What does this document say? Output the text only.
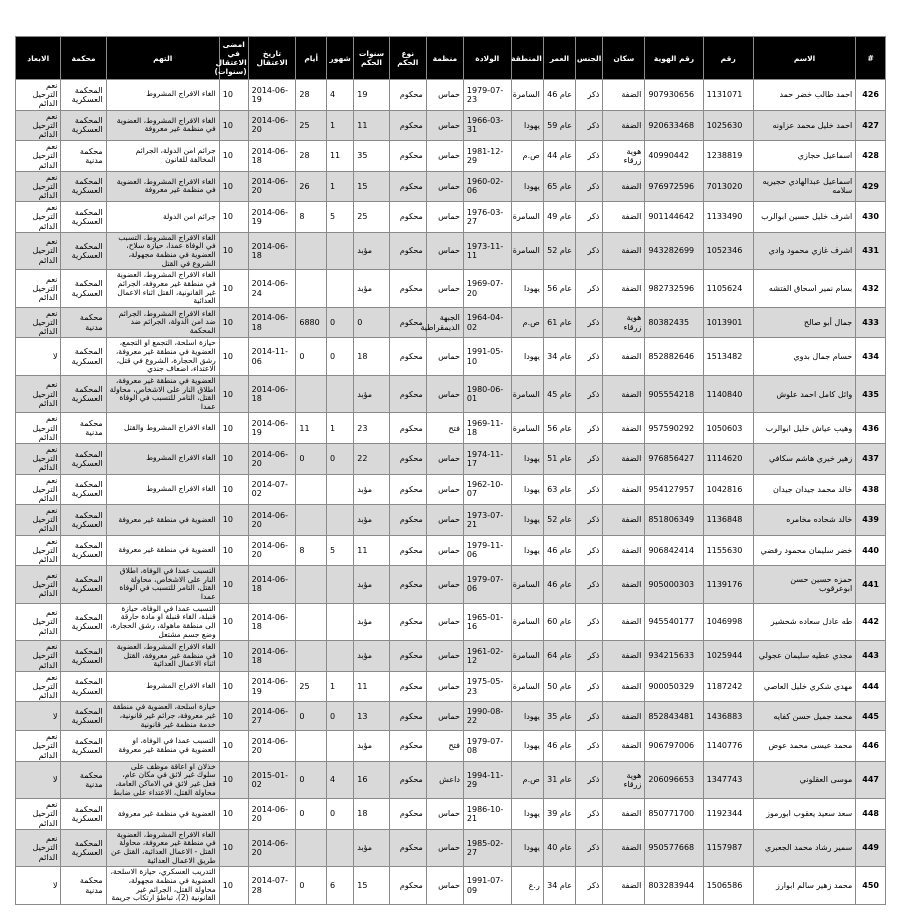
#	الاسم	رقم	رقم الهوية	سكان	الجنس	العمر	المنطقة	الولادة	منظمة	نوع الحكم	سنوات الحكم	شهور	أيام	تاريخ الاعتقال	امضى في الاعتقال (سنوات)	التهم	محكمة	الابعاد
426	احمد طالب خضر حمد	1131071	907930656	الضفة	ذكر	عام 46	السامرة	1979-07-23	حماس	محكوم	19	4	28	2014-06-19	10	الغاء الافراج المشروط	المحكمة العسكرية	نعم الترحيل الدائم
427	احمد خليل محمد عزاونه	1025630	920633468	الضفة	ذكر	عام 59	يهودا	1966-03-31	حماس	محكوم	11	1	25	2014-06-20	10	الغاء الافراج المشروط، العضوية في منظمة غير معروفة	المحكمة العسكرية	نعم الترحيل الدائم
428	اسماعيل حجازي	1238819	40990442	هوية زرقاء	ذكر	عام 44	ص.م	1981-12-29	حماس	محكوم	35	11	28	2014-06-18	10	جرائم امن الدولة، الجرائم المخالفة للقانون	محكمة مدنية	نعم الترحيل الدائم
429	اسماعيل عبدالهادي حجيريه سلامه	7013020	976972596	الضفة	ذكر	عام 65	يهودا	1960-02-06	حماس	محكوم	15	1	26	2014-06-20	10	الغاء الافراج المشروط، العضوية في منظمة غير معروفة	المحكمة العسكرية	نعم الترحيل الدائم
430	اشرف خليل حسين ابوالرب	1133490	901144642	الضفة	ذكر	عام 49	السامرة	1976-03-27	حماس	محكوم	25	5	8	2014-06-19	10	جرائم امن الدولة	المحكمة العسكرية	نعم الترحيل الدائم
431	اشرف غازي محمود وادي	1052346	943282699	الضفة	ذكر	عام 52	السامرة	1973-11-11	حماس	محكوم	مؤبد			2014-06-18	10	الغاء الافراج المشروط، التسبب في الوفاة عمدا، حيازة سلاح، العضوية في منظمة مجهولة، الشروع في القتل	المحكمة العسكرية	نعم الترحيل الدائم
432	بسام نمير اسحاق الفتشه	1105624	982732596	الضفة	ذكر	عام 56	يهودا	1969-07-20	حماس	محكوم	مؤبد			2014-06-24	10	الغاء الافراج المشروط، العضوية في منطقة غير معروفة، الجرائم غير القانونية، القتل اثناء الاعمال العدائية	المحكمة العسكرية	نعم الترحيل الدائم
433	جمال أبو صالح	1013901	80382435	هوية زرقاء	ذكر	عام 61	ص.م	1964-04-02	الجبهة الديمقراطية	محكوم	0	0	6880	2014-06-18	10	الغاء الافراج المشروط، الجرائم ضد امن الدولة، الجرائم ضد المحكمة	محكمة مدنية	نعم الترحيل الدائم
434	حسام جمال بدوي	1513482	852882646	الضفة	ذكر	عام 34	يهودا	1991-05-10	حماس	محكوم	18	0	0	2014-11-06	10	حيازة اسلحة، التجمع او التجمع، العضوية في منطقة غير معروفة، رشق الحجارة، الشروع في قتل، الاعتداء، اضعاف جندي	المحكمة العسكرية	لا
435	وائل كامل احمد علوش	1140840	905554218	الضفة	ذكر	عام 45	السامرة	1980-06-01	حماس	محكوم	مؤبد			2014-06-18	10	العضوية في منطقة غير معروفة، اطلاق النار على الاشخاص، محاولة القتل، التامر للتسبب في الوفاة عمدا	المحكمة العسكرية	نعم الترحيل الدائم
436	وهيب عياش خليل ابوالرب	1050603	957590292	الضفة	ذكر	عام 56	السامرة	1969-11-18	فتح	محكوم	23	1	11	2014-06-19	10	الغاء الافراج المشروط والقتل	محكمة مدنية	نعم الترحيل الدائم
437	زهير خيري هاشم سكافي	1114620	976856427	الضفة	ذكر	عام 51	يهودا	1974-11-17	حماس	محكوم	22	0	0	2014-06-20	10	الغاء الافراج المشروط	المحكمة العسكرية	نعم الترحيل الدائم
438	خالد محمد جيدان جيدان	1042816	954127957	الضفة	ذكر	عام 63	يهودا	1962-10-07	حماس	محكوم	مؤبد			2014-07-02	10	الغاء الافراج المشروط	المحكمة العسكرية	نعم الترحيل الدائم
439	خالد شحاده مخامره	1136848	851806349	الضفة	ذكر	عام 52	يهودا	1973-07-21	حماس	محكوم	مؤبد			2014-06-20	10	العضوية في منطقة غير معروفة	المحكمة العسكرية	نعم الترحيل الدائم
440	خضر سليمان محمود رفضي	1155630	906842414	الضفة	ذكر	عام 46	يهودا	1979-11-06	حماس	محكوم	11	5	8	2014-06-20	10	العضوية في منطقة غير معروفة	المحكمة العسكرية	نعم الترحيل الدائم
441	حمزه حسين حسن ابوعرقوب	1139176	905000303	الضفة	ذكر	عام 46	السامرة	1979-07-06	حماس	محكوم	مؤبد			2014-06-18	10	التسبب عمدا في الوفاة، اطلاق النار على الاشخاص، محاولة القتل، التامر للتسبب في الوفاة عمدا	المحكمة العسكرية	نعم الترحيل الدائم
442	طه عادل سعاده شحشير	1046998	945540177	الضفة	ذكر	عام 60	السامرة	1965-01-16	حماس	محكوم	مؤبد			2014-06-18	10	التسبب عمدا في الوفاة، حيازة قنبلة، القاء قنبلة او مادة حارقة الى منطقة ماهولة، رشق الحجارة، وضع جسم مشتعل	المحكمة العسكرية	نعم الترحيل الدائم
443	مجدي عطيه سليمان عجولي	1025944	934215633	الضفة	ذكر	عام 64	السامرة	1961-02-12	حماس	محكوم	مؤبد			2014-06-18	10	الغاء الافراج المشروط، العضوية في منظمة غير معروفة، القتل اثناء الاعمال العدائية	المحكمة العسكرية	نعم الترحيل الدائم
444	مهدي شكري خليل العاصي	1187242	900050329	الضفة	ذكر	عام 50	السامرة	1975-05-23	حماس	محكوم	11	1	25	2014-06-19	10	الغاء الافراج المشروط	المحكمة العسكرية	نعم الترحيل الدائم
445	محمد جميل حسن كفايه	1436883	852843481	الضفة	ذكر	عام 35	يهودا	1990-08-22	حماس	محكوم	13	0	0	2014-06-27	10	حيازة اسلحة، العضوية في منطقة غير معروفة، جرائم غير قانونية، خدمة منظمة غير قانونية	المحكمة العسكرية	لا
446	محمد عيسى محمد عوض	1140776	906797006	الضفة	ذكر	عام 46	يهودا	1979-07-08	فتح	محكوم	مؤبد			2014-06-20	10	التسبب عمدا في الوفاة، او العضوية في منطقة غير معروفة	المحكمة العسكرية	نعم الترحيل الدائم
447	موسى العقلوني	1347743	206096653	هوية زرقاء	ذكر	عام 31	ص.م	1994-11-29	داعش	محكوم	16	4	0	2015-01-02	10	خذلان او اعاقة موظف على سلوك غير لائق في مكان عام، فعل غير لائق في الاماكن العامة، محاولة القتل، الاعتداء على ضابط	محكمة مدنية	لا
448	سعد سعيد يعقوب ابورموز	1192344	850771700	الضفة	ذكر	عام 39	يهودا	1986-10-21	حماس	محكوم	18	0	0	2014-06-20	10	العضوية في منظمة غير معروفة	المحكمة العسكرية	نعم الترحيل الدائم
449	سمير رشاد محمد الجعبري	1157987	950577668	الضفة	ذكر	عام 40	يهودا	1985-02-27	حماس	محكوم	مؤبد			2014-06-20	10	الغاء الافراج المشروط، العضوية في منطقة غير معروفة، محاولة القتل - الاعمال العدائية، القتل عن طريق الاعمال العدائية	المحكمة العسكرية	نعم الترحيل الدائم
450	محمد زهير سالم ابوارز	1506586	803283944	الضفة	ذكر	عام 34	ر.ع	1991-07-09	حماس	محكوم	15	6	0	2014-07-28	10	التدريب العسكري، حيازة الاسلحة، العضوية في منظمة مجهولة، محاولة القتل، الجرائم غير القانونية (2)، تباطؤ ارتكاب جريمة	محكمة مدنية	لا
